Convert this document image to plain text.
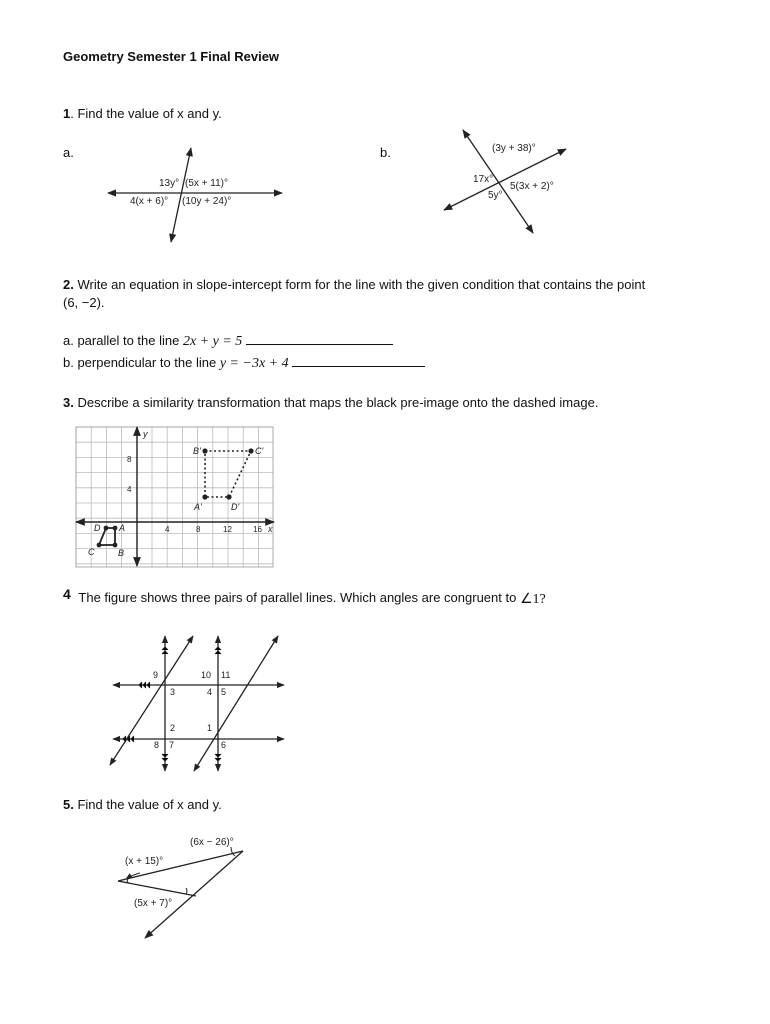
Geometry Semester 1 Final Review
1. Find the value of x and y.
a.	b.
13y° (5x + 11)°
4(x + 6)° (10y + 24)°
(3y + 38)°
17x°
5(3x + 2)°
5y°
2. Write an equation in slope-intercept form for the line with the given condition that contains the point
(6, −2).
a. parallel to the line 2x + y = 5
b. perpendicular to the line y = −3x + 4
3. Describe a similarity transformation that maps the black pre-image onto the dashed image.
y
x
8
4
4	8	12	16
B'	C'
A'	D'
D A
C	B
4 The figure shows three pairs of parallel lines. Which angles are congruent to ∠1?
9
3
10 11
4 5
2	1
8 7	6
5. Find the value of x and y.
(6x − 26)°
(x + 15)°
(5x + 7)°
